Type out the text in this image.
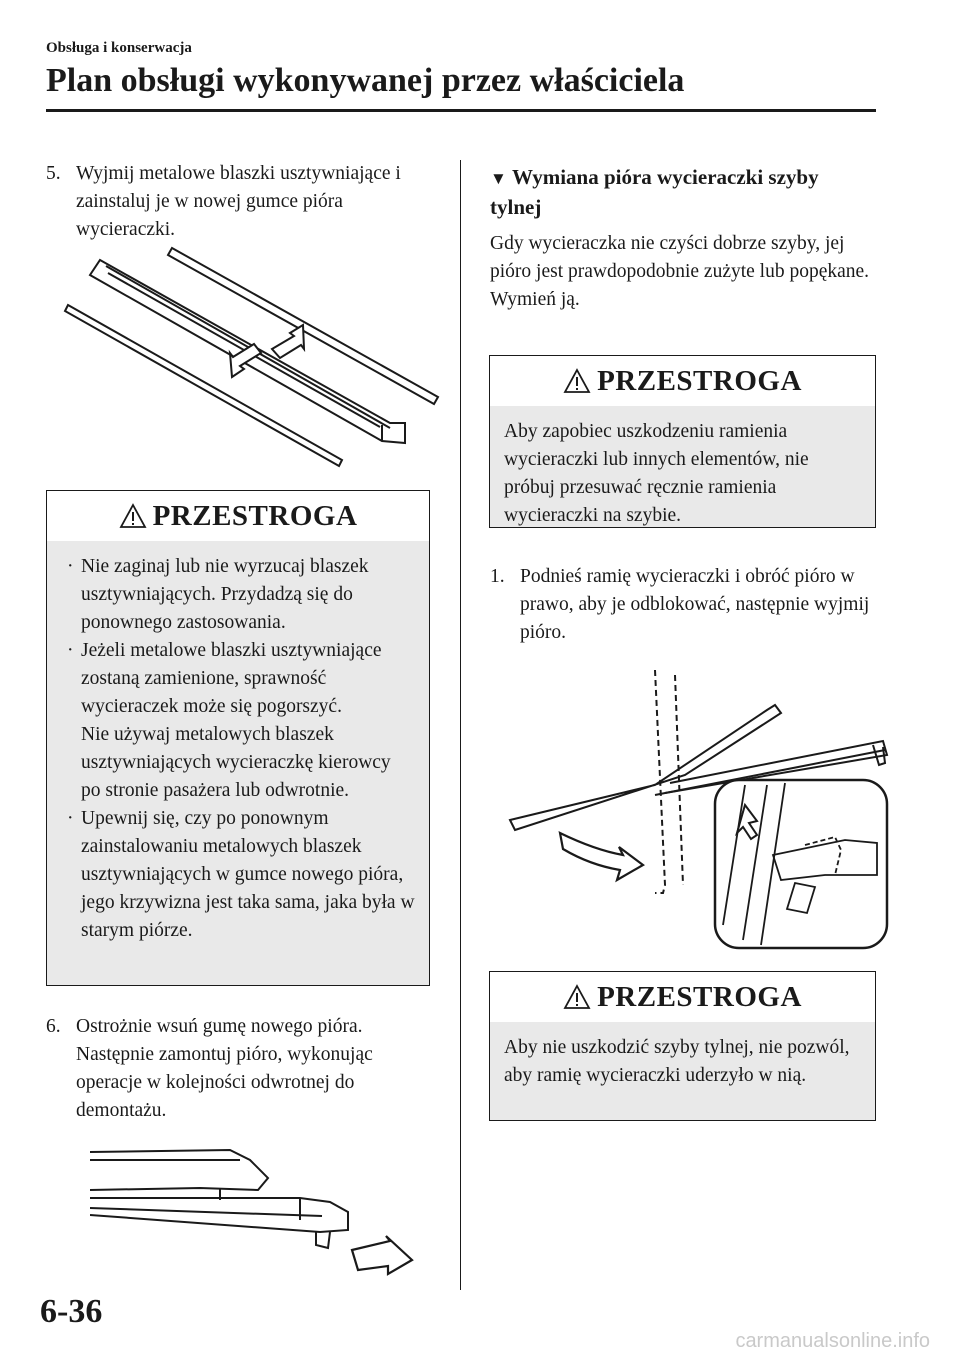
Obsługa i konserwacja
Plan obsługi wykonywanej przez właściciela
5. Wyjmij metalowe blaszki usztywniające i zainstaluj je w nowej gumce pióra wycieraczki.
PRZESTROGA
· Nie zaginaj lub nie wyrzucaj blaszek usztywniających. Przydadzą się do ponownego zastosowania.
· Jeżeli metalowe blaszki usztywniające zostaną zamienione, sprawność wycieraczek może się pogorszyć.
Nie używaj metalowych blaszek usztywniających wycieraczkę kierowcy po stronie pasażera lub odwrotnie.
· Upewnij się, czy po ponownym zainstalowaniu metalowych blaszek usztywniających w gumce nowego pióra, jego krzywizna jest taka sama, jaka była w starym piórze.
6. Ostrożnie wsuń gumę nowego pióra. Następnie zamontuj pióro, wykonując operacje w kolejności odwrotnej do demontażu.
▼ Wymiana pióra wycieraczki szyby tylnej
Gdy wycieraczka nie czyści dobrze szyby, jej pióro jest prawdopodobnie zużyte lub popękane.
Wymień ją.
PRZESTROGA
Aby zapobiec uszkodzeniu ramienia wycieraczki lub innych elementów, nie próbuj przesuwać ręcznie ramienia wycieraczki na szybie.
1. Podnieś ramię wycieraczki i obróć pióro w prawo, aby je odblokować, następnie wyjmij pióro.
PRZESTROGA
Aby nie uszkodzić szyby tylnej, nie pozwól, aby ramię wycieraczki uderzyło w nią.
6-36
carmanualsonline.info
